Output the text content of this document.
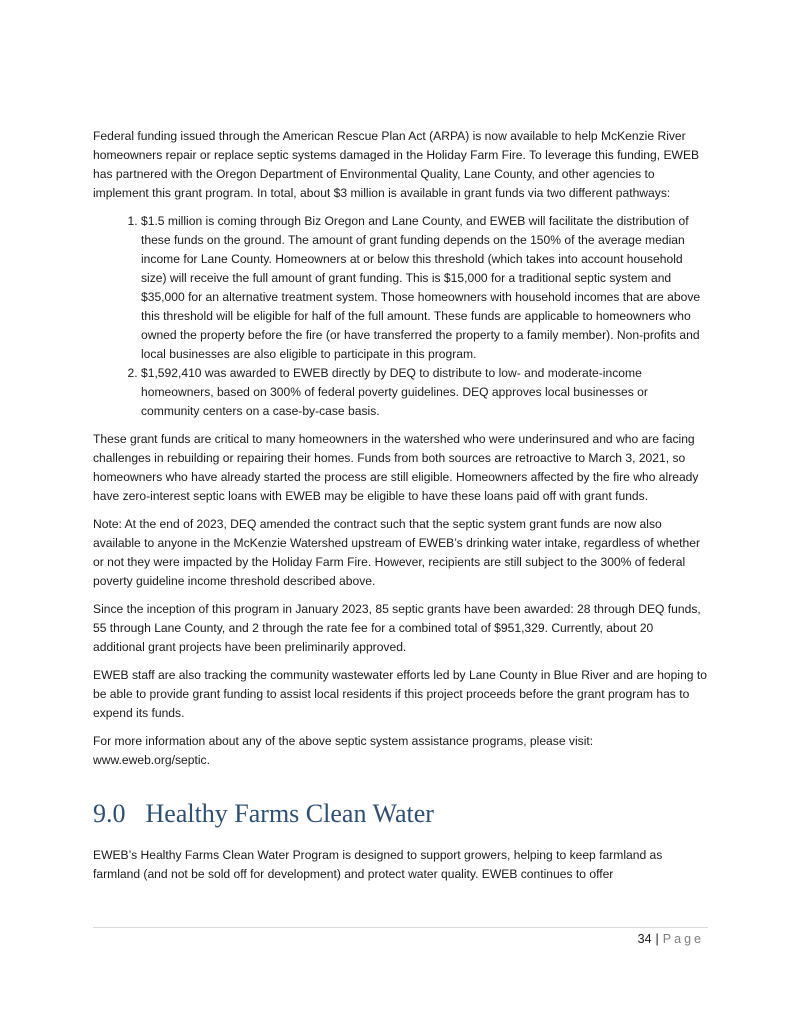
Federal funding issued through the American Rescue Plan Act (ARPA) is now available to help McKenzie River homeowners repair or replace septic systems damaged in the Holiday Farm Fire. To leverage this funding, EWEB has partnered with the Oregon Department of Environmental Quality, Lane County, and other agencies to implement this grant program. In total, about $3 million is available in grant funds via two different pathways:

1. $1.5 million is coming through Biz Oregon and Lane County, and EWEB will facilitate the distribution of these funds on the ground. The amount of grant funding depends on the 150% of the average median income for Lane County. Homeowners at or below this threshold (which takes into account household size) will receive the full amount of grant funding. This is $15,000 for a traditional septic system and $35,000 for an alternative treatment system. Those homeowners with household incomes that are above this threshold will be eligible for half of the full amount. These funds are applicable to homeowners who owned the property before the fire (or have transferred the property to a family member). Non-profits and local businesses are also eligible to participate in this program.
2. $1,592,410 was awarded to EWEB directly by DEQ to distribute to low- and moderate-income homeowners, based on 300% of federal poverty guidelines. DEQ approves local businesses or community centers on a case-by-case basis.

These grant funds are critical to many homeowners in the watershed who were underinsured and who are facing challenges in rebuilding or repairing their homes. Funds from both sources are retroactive to March 3, 2021, so homeowners who have already started the process are still eligible. Homeowners affected by the fire who already have zero-interest septic loans with EWEB may be eligible to have these loans paid off with grant funds.

Note: At the end of 2023, DEQ amended the contract such that the septic system grant funds are now also available to anyone in the McKenzie Watershed upstream of EWEB’s drinking water intake, regardless of whether or not they were impacted by the Holiday Farm Fire. However, recipients are still subject to the 300% of federal poverty guideline income threshold described above.

Since the inception of this program in January 2023, 85 septic grants have been awarded: 28 through DEQ funds, 55 through Lane County, and 2 through the rate fee for a combined total of $951,329. Currently, about 20 additional grant projects have been preliminarily approved.

EWEB staff are also tracking the community wastewater efforts led by Lane County in Blue River and are hoping to be able to provide grant funding to assist local residents if this project proceeds before the grant program has to expend its funds.

For more information about any of the above septic system assistance programs, please visit: www.eweb.org/septic.

9.0 Healthy Farms Clean Water

EWEB’s Healthy Farms Clean Water Program is designed to support growers, helping to keep farmland as farmland (and not be sold off for development) and protect water quality. EWEB continues to offer

34 | Page
